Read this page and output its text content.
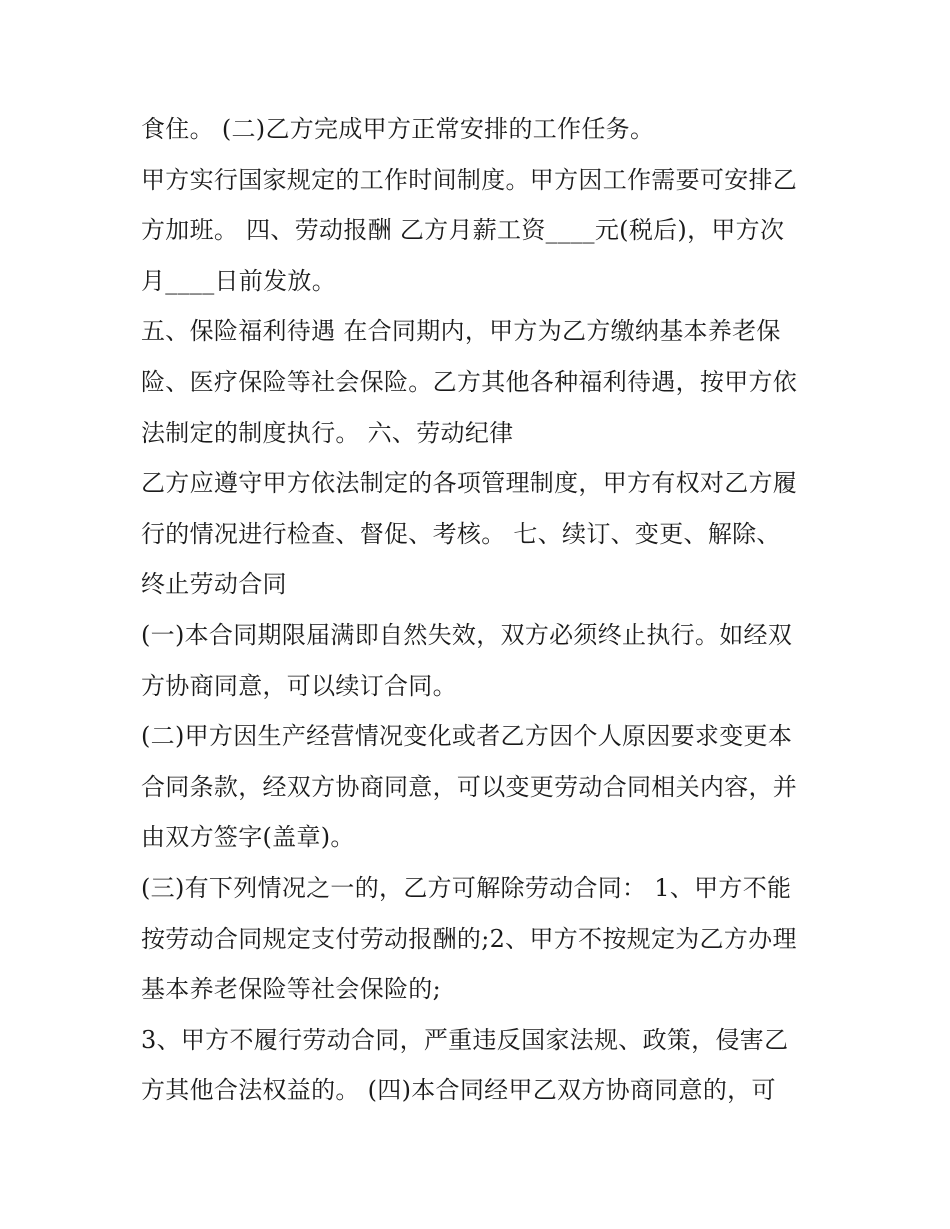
食住。 (二)乙方完成甲方正常安排的工作任务。
甲方实行国家规定的工作时间制度。甲方因工作需要可安排乙
方加班。 四、劳动报酬 乙方月薪工资____元(税后)，甲方次
月____日前发放。
五、保险福利待遇 在合同期内，甲方为乙方缴纳基本养老保
险、医疗保险等社会保险。乙方其他各种福利待遇，按甲方依
法制定的制度执行。 六、劳动纪律
乙方应遵守甲方依法制定的各项管理制度，甲方有权对乙方履
行的情况进行检查、督促、考核。 七、续订、变更、解除、
终止劳动合同
(一)本合同期限届满即自然失效，双方必须终止执行。如经双
方协商同意，可以续订合同。
(二)甲方因生产经营情况变化或者乙方因个人原因要求变更本
合同条款，经双方协商同意，可以变更劳动合同相关内容，并
由双方签字(盖章)。
(三)有下列情况之一的，乙方可解除劳动合同： 1、甲方不能
按劳动合同规定支付劳动报酬的;2、甲方不按规定为乙方办理
基本养老保险等社会保险的;
3、甲方不履行劳动合同，严重违反国家法规、政策，侵害乙
方其他合法权益的。 (四)本合同经甲乙双方协商同意的，可
